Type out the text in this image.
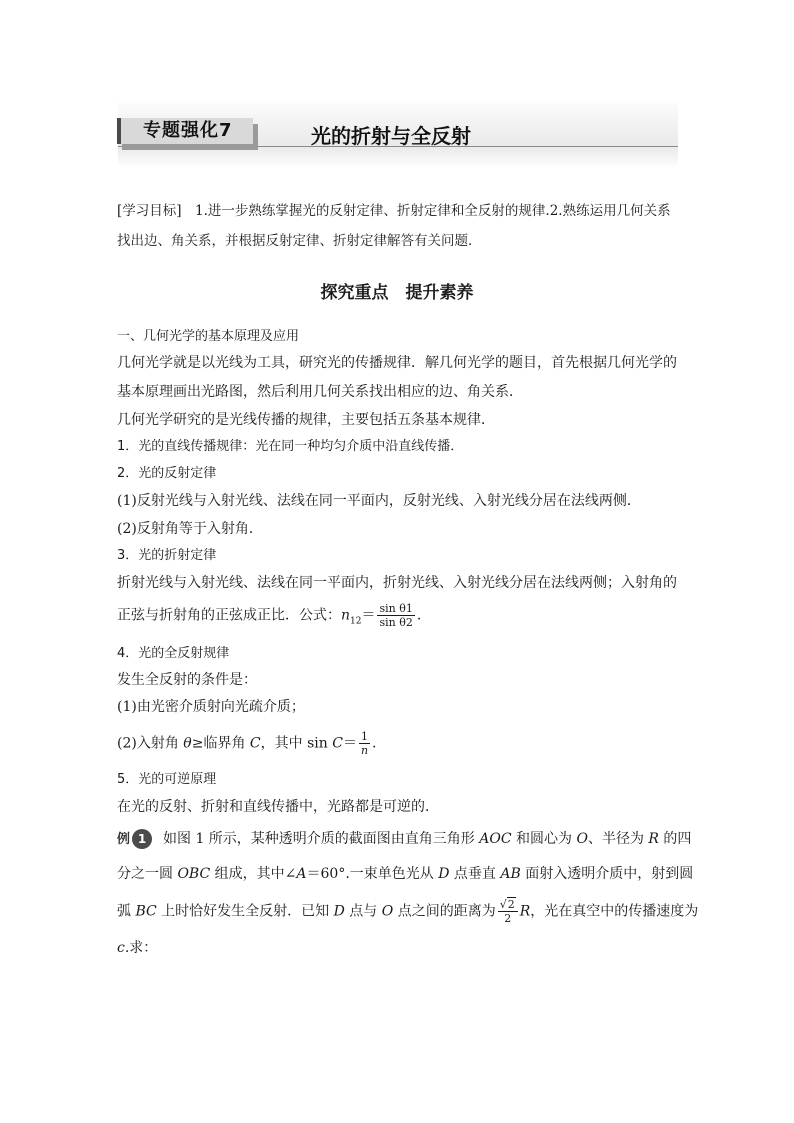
专题强化7	光的折射与全反射
[学习目标]　1.进一步熟练掌握光的反射定律、折射定律和全反射的规律.2.熟练运用几何关系
找出边、角关系，并根据反射定律、折射定律解答有关问题．
探究重点　提升素养
一、几何光学的基本原理及应用
几何光学就是以光线为工具，研究光的传播规律．解几何光学的题目，首先根据几何光学的
基本原理画出光路图，然后利用几何关系找出相应的边、角关系．
几何光学研究的是光线传播的规律，主要包括五条基本规律．
1．光的直线传播规律：光在同一种均匀介质中沿直线传播．
2．光的反射定律
(1)反射光线与入射光线、法线在同一平面内，反射光线、入射光线分居在法线两侧．
(2)反射角等于入射角．
3．光的折射定律
折射光线与入射光线、法线在同一平面内，折射光线、入射光线分居在法线两侧；入射角的
正弦与折射角的正弦成正比．公式：$n_{12}= \frac{\text{sin θ1}}{\text{sin θ2}}$ .
4．光的全反射规律
发生全反射的条件是：
(1)由光密介质射向光疏介质；
(2)入射角 θ≥临界角 C，其中 $\sin C= \frac{1}{n}$ .
5．光的可逆原理
在光的反射、折射和直线传播中，光路都是可逆的．
例 1	如图 1 所示，某种透明介质的截面图由直角三角形 AOC 和圆心为 O、半径为 R 的四
分之一圆 OBC 组成，其中∠A＝60°.一束单色光从 D 点垂直 AB 面射入透明介质中，射到圆
弧 BC 上时恰好发生全反射．已知 D 点与 O 点之间的距离为 $\frac{√2}{2}$ R，光在真空中的传播速度为
c.求：
